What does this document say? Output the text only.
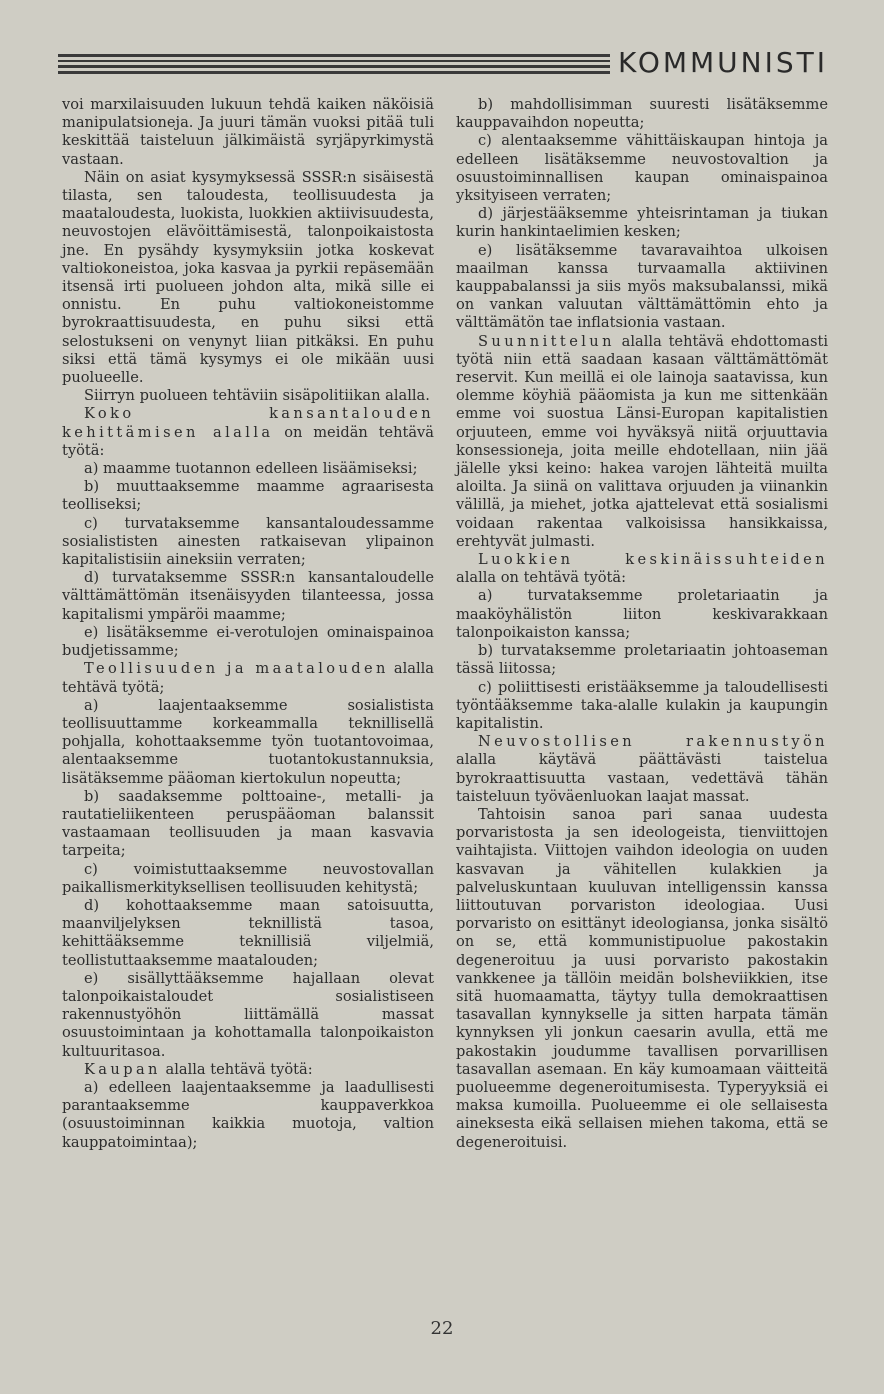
KOMMUNISTI

voi marxilaisuuden lukuun tehdä kaiken näköisiä manipulatsioneja. Ja juuri tämän vuoksi pitää tuli keskittää taisteluun jälkimäistä syrjäpyrkimystä vastaan.

Näin on asiat kysymyksessä SSSR:n sisäisestä tilasta, sen taloudesta, teollisuudesta ja maataloudesta, luokista, luokkien aktiivisuudesta, neuvostojen elävöittämisestä, talonpoikaistosta jne. En pysähdy kysymyksiin jotka koskevat valtiokoneistoa, joka kasvaa ja pyrkii repäsemään itsensä irti puolueen johdon alta, mikä sille ei onnistu. En puhu valtiokoneistomme byrokraattisuudesta, en puhu siksi että selostukseni on venynyt liian pitkäksi. En puhu siksi että tämä kysymys ei ole mikään uusi puolueelle.

Siirryn puolueen tehtäviin sisäpolitiikan alalla.

Koko kansantalouden kehittämisen alalla on meidän tehtävä työtä:

a) maamme tuotannon edelleen lisäämiseksi;

b) muuttaaksemme maamme agraarisesta teolliseksi;

c) turvataksemme kansantaloudessamme sosialististen ainesten ratkaisevan ylipainon kapitalistisiin aineksiin verraten;

d) turvataksemme SSSR:n kansantaloudelle välttämättömän itsenäisyyden tilanteessa, jossa kapitalismi ympäröi maamme;

e) lisätäksemme ei-verotulojen ominaispainoa budjetissamme;

Teollisuuden ja maatalouden alalla tehtävä työtä;

a) laajentaaksemme sosialistista teollisuuttamme korkeammalla teknillisellä pohjalla, kohottaaksemme työn tuotantovoimaa, alentaaksemme tuotantokustannuksia, lisätäksemme pääoman kiertokulun nopeutta;

b) saadaksemme polttoaine-, metalli- ja rautatieliikenteen peruspääoman balanssit vastaamaan teollisuuden ja maan kasvavia tarpeita;

c) voimistuttaaksemme neuvostovallan paikallismerkityksellisen teollisuuden kehitystä;

d) kohottaaksemme maan satoisuutta, maanviljelyksen teknillistä tasoa, kehittääksemme teknillisiä viljelmiä, teollistuttaaksemme maatalouden;

e) sisällyttääksemme hajallaan olevat talonpoikaistaloudet sosialistiseen rakennustyöhön liittämällä massat osuustoimintaan ja kohottamalla talonpoikaiston kultuuritasoa.

Kaupan alalla tehtävä työtä:

a) edelleen laajentaaksemme ja laadullisesti parantaaksemme kauppaverkkoa (osuustoiminnan kaikkia muotoja, valtion kauppatoimintaa);

b) mahdollisimman suuresti lisätäksemme kauppavaihdon nopeutta;

c) alentaaksemme vähittäiskaupan hintoja ja edelleen lisätäksemme neuvostovaltion ja osuustoiminnallisen kaupan ominaispainoa yksityiseen verraten;

d) järjestääksemme yhteisrintaman ja tiukan kurin hankintaelimien kesken;

e) lisätäksemme tavaravaihtoa ulkoisen maailman kanssa turvaamalla aktiivinen kauppabalanssi ja siis myös maksubalanssi, mikä on vankan valuutan välttämättömin ehto ja välttämätön tae inflatsionia vastaan.

Suunnittelun alalla tehtävä ehdottomasti työtä niin että saadaan kasaan välttämättömät reservit. Kun meillä ei ole lainoja saatavissa, kun olemme köyhiä pääomista ja kun me sittenkään emme voi suostua Länsi-Europan kapitalistien orjuuteen, emme voi hyväksyä niitä orjuuttavia konsessioneja, joita meille ehdotellaan, niin jää jälelle yksi keino: hakea varojen lähteitä muilta aloilta. Ja siinä on valittava orjuuden ja viinankin välillä, ja miehet, jotka ajattelevat että sosialismi voidaan rakentaa valkoisissa hansikkaissa, erehtyvät julmasti.

Luokkien keskinäissuhteiden alalla on tehtävä työtä:

a) turvataksemme proletariaatin ja maaköyhälistön liiton keskivarakkaan talonpoikaiston kanssa;

b) turvataksemme proletariaatin johtoaseman tässä liitossa;

c) poliittisesti eristääksemme ja taloudellisesti työntääksemme taka-alalle kulakin ja kaupungin kapitalistin.

Neuvostollisen rakennustyön alalla käytävä päättävästi taistelua byrokraattisuutta vastaan, vedettävä tähän taisteluun työväenluokan laajat massat.

Tahtoisin sanoa pari sanaa uudesta porvaristosta ja sen ideologeista, tienviittojen vaihtajista. Viittojen vaihdon ideologia on uuden kasvavan ja vähitellen kulakkien ja palveluskuntaan kuuluvan intelligenssin kanssa liittoutuvan porvariston ideologiaa. Uusi porvaristo on esittänyt ideologiansa, jonka sisältö on se, että kommunistipuolue pakostakin degeneroituu ja uusi porvaristo pakostakin vankkenee ja tällöin meidän bolsheviikkien, itse sitä huomaamatta, täytyy tulla demokraattisen tasavallan kynnykselle ja sitten harpata tämän kynnyksen yli jonkun caesarin avulla, että me pakostakin joudumme tavallisen porvarillisen tasavallan asemaan. En käy kumoamaan väitteitä puolueemme degeneroitumisesta. Typeryyksiä ei maksa kumoilla. Puolueemme ei ole sellaisesta aineksesta eikä sellaisen miehen takoma, että se degeneroituisi.

22
